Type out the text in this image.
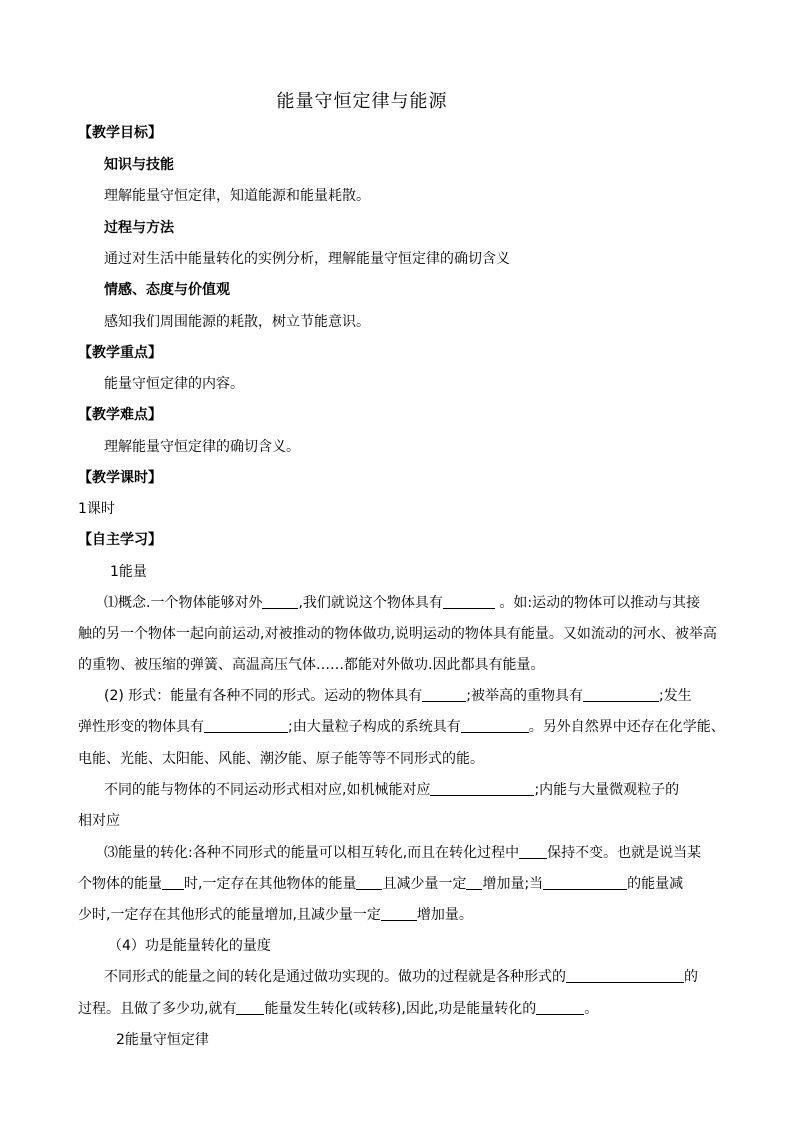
能量守恒定律与能源
【教学目标】
知识与技能
理解能量守恒定律，知道能源和能量耗散。
过程与方法
通过对生活中能量转化的实例分析，理解能量守恒定律的确切含义
情感、态度与价值观
感知我们周围能源的耗散，树立节能意识。
【教学重点】
能量守恒定律的内容。
【教学难点】
理解能量守恒定律的确切含义。
【教学课时】
1课时
【自主学习】
1能量
⑴概念.一个物体能够对外	,我们就说这个物体具有	。如:运动的物体可以推动与其接
触的另一个物体一起向前运动,对被推动的物体做功,说明运动的物体具有能量。又如流动的河水、被举高
的重物、被压缩的弹簧、高温高压气体……都能对外做功.因此都具有能量。
(2) 形式：能量有各种不同的形式。运动的物体具有	;被举高的重物具有	;发生
弹性形变的物体具有	;由大量粒子构成的系统具有	。另外自然界中还存在化学能、
电能、光能、太阳能、风能、潮汐能、原子能等等不同形式的能。
不同的能与物体的不同运动形式相对应,如机械能对应	;内能与大量微观粒子的
相对应
⑶能量的转化:各种不同形式的能量可以相互转化,而且在转化过程中 保持不变。也就是说当某
个物体的能量 时,一定存在其他物体的能量 且减少量一定 增加量;当	的能量减
少时,一定存在其他形式的能量增加,且减少量一定	增加量。
（4）功是能量转化的量度
不同形式的能量之间的转化是通过做功实现的。做功的过程就是各种形式的	的
过程。且做了多少功,就有 能量发生转化(或转移),因此,功是能量转化的	。
2能量守恒定律
